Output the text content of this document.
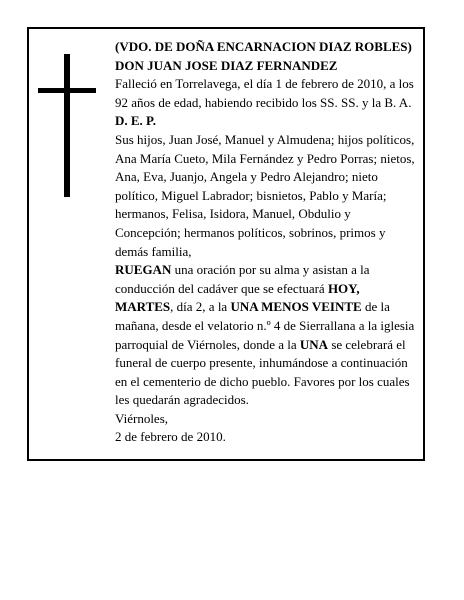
(VDO. DE DOÑA ENCARNACION DIAZ ROBLES)

DON JUAN JOSE DIAZ FERNANDEZ

Falleció en Torrelavega, el día 1 de febrero de 2010, a los 92 años de edad, habiendo recibido los SS. SS. y la B. A.

D. E. P.

Sus hijos, Juan José, Manuel y Almudena; hijos políticos, Ana María Cueto, Mila Fernández y Pedro Porras; nietos, Ana, Eva, Juanjo, Angela y Pedro Alejandro; nieto político, Miguel Labrador; bisnietos, Pablo y María; hermanos, Felisa, Isidora, Manuel, Obdulio y Concepción; hermanos políticos, sobrinos, primos y demás familia,

RUEGAN una oración por su alma y asistan a la conducción del cadáver que se efectuará HOY, MARTES, día 2, a la UNA MENOS VEINTE de la mañana, desde el velatorio n.º 4 de Sierrallana a la iglesia parroquial de Viérnoles, donde a la UNA se celebrará el funeral de cuerpo presente, inhumándose a continuación en el cementerio de dicho pueblo. Favores por los cuales les quedarán agradecidos.

Viérnoles,

2 de febrero de 2010.
